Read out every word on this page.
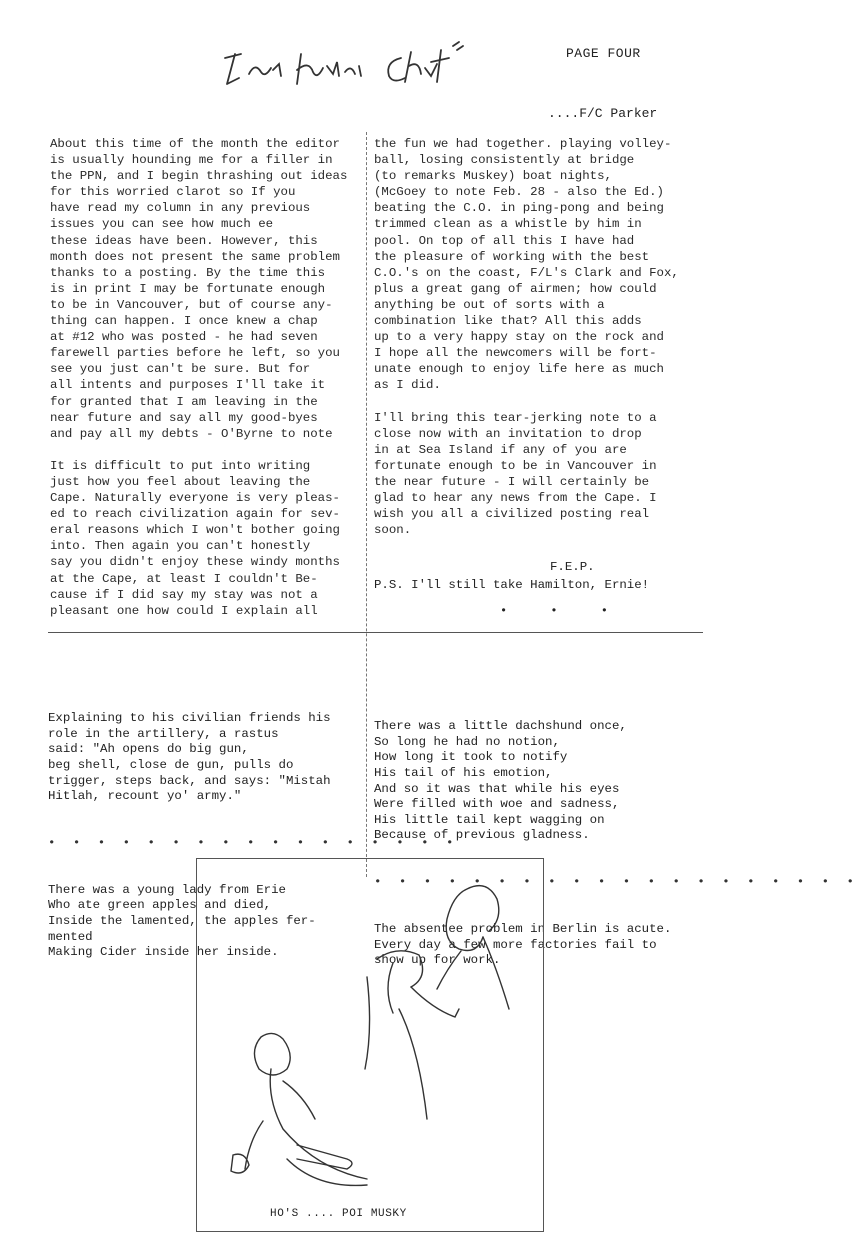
PAGE FOUR
....F/C Parker
About this time of the month the editor
is usually hounding me for a filler in
the PPN, and I begin thrashing out ideas
for this worried clarot so If you
have read my column in any previous
issues you can see how much ee
these ideas have been. However, this
month does not present the same problem
thanks to a posting. By the time this
is in print I may be fortunate enough
to be in Vancouver, but of course any-
thing can happen. I once knew a chap
at #12 who was posted - he had seven
farewell parties before he left, so you
see you just can't be sure. But for
all intents and purposes I'll take it
for granted that I am leaving in the
near future and say all my good-byes
and pay all my debts - O'Byrne to note

It is difficult to put into writing
just how you feel about leaving the
Cape. Naturally everyone is very pleas-
ed to reach civilization again for sev-
eral reasons which I won't bother going
into. Then again you can't honestly
say you didn't enjoy these windy months
at the Cape, at least I couldn't Be-
cause if I did say my stay was not a
pleasant one how could I explain all
the fun we had together. playing volley-
ball, losing consistently at bridge
(to remarks Muskey) boat nights,
(McGoey to note Feb. 28 - also the Ed.)
beating the C.O. in ping-pong and being
trimmed clean as a whistle by him in
pool. On top of all this I have had
the pleasure of working with the best
C.O.'s on the coast, F/L's Clark and Fox,
plus a great gang of airmen; how could
anything be out of sorts with a
combination like that? All this adds
up to a very happy stay on the rock and
I hope all the newcomers will be fort-
unate enough to enjoy life here as much
as I did.

I'll bring this tear-jerking note to a
close now with an invitation to drop
in at Sea Island if any of you are
fortunate enough to be in Vancouver in
the near future - I will certainly be
glad to hear any news from the Cape. I
wish you all a civilized posting real
soon.
F.E.P.
P.S. I'll still take Hamilton, Ernie!
• • •

Explaining to his civilian friends his
role in the artillery, a rastus
said: "Ah opens do big gun,
beg shell, close de gun, pulls do
trigger, steps back, and says: "Mistah
Hitlah, recount yo' army."

• • • • • • • • • • • • • • • • •

There was a young lady from Erie
Who ate green apples and died,
Inside the lamented, the apples fer-
mented
Making Cider inside her inside.

There was a little dachshund once,
So long he had no notion,
How long it took to notify
His tail of his emotion,
And so it was that while his eyes
Were filled with woe and sadness,
His little tail kept wagging on
Because of previous gladness.

• • • • • • • • • • • • • • • • • • • •

The absentee problem in Berlin is acute.
Every day a few more factories fail to
show up for work.

HO'S .... POI MUSKY
